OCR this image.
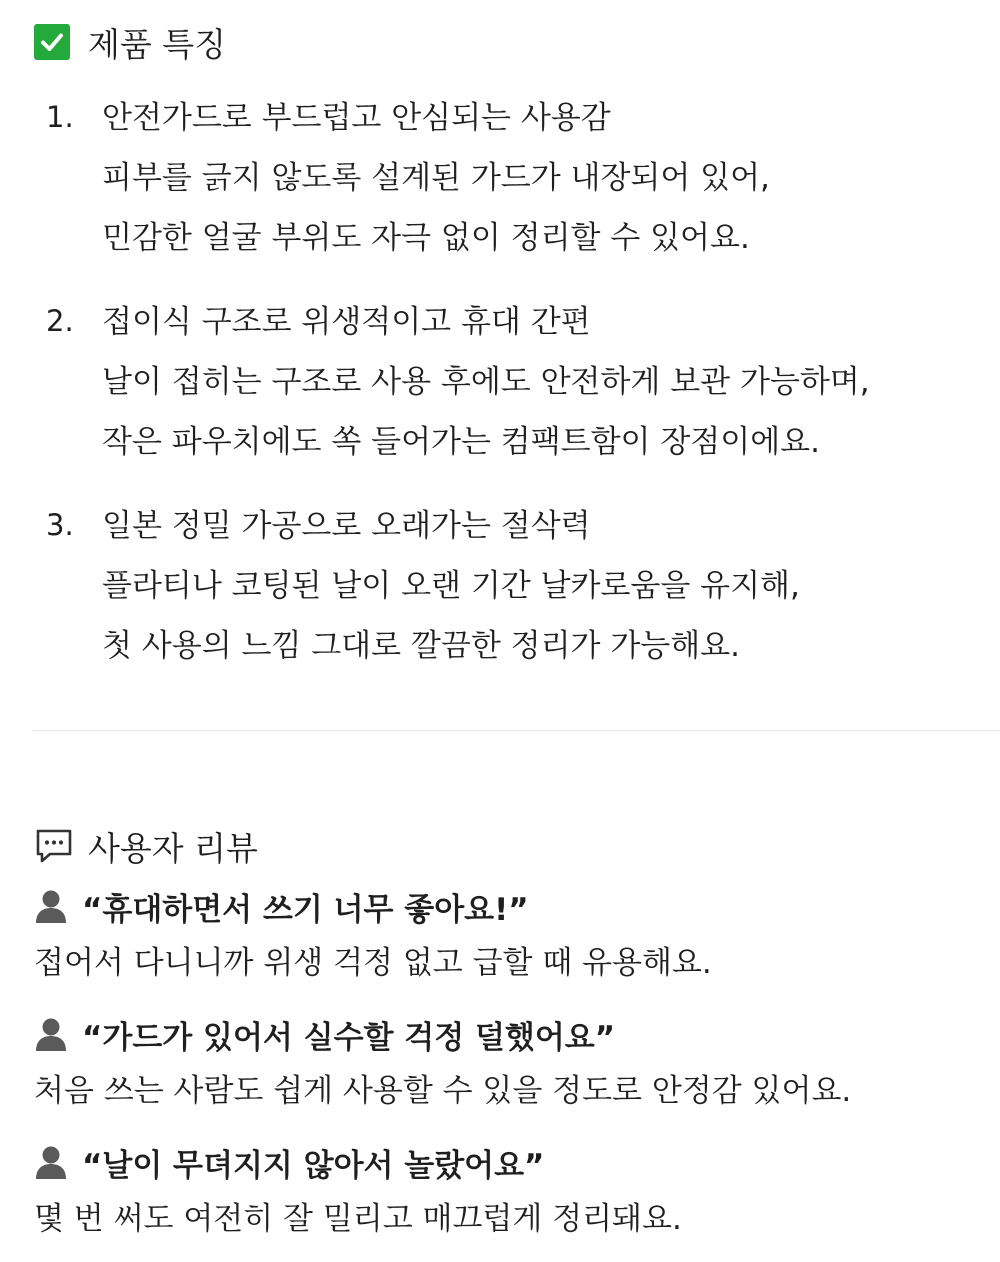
제품 특징
1. 안전가드로 부드럽고 안심되는 사용감
피부를 긁지 않도록 설계된 가드가 내장되어 있어,
민감한 얼굴 부위도 자극 없이 정리할 수 있어요.
2. 접이식 구조로 위생적이고 휴대 간편
날이 접히는 구조로 사용 후에도 안전하게 보관 가능하며,
작은 파우치에도 쏙 들어가는 컴팩트함이 장점이에요.
3. 일본 정밀 가공으로 오래가는 절삭력
플라티나 코팅된 날이 오랜 기간 날카로움을 유지해,
첫 사용의 느낌 그대로 깔끔한 정리가 가능해요.
사용자 리뷰
“휴대하면서 쓰기 너무 좋아요!”
접어서 다니니까 위생 걱정 없고 급할 때 유용해요.
“가드가 있어서 실수할 걱정 덜했어요”
처음 쓰는 사람도 쉽게 사용할 수 있을 정도로 안정감 있어요.
“날이 무뎌지지 않아서 놀랐어요”
몇 번 써도 여전히 잘 밀리고 매끄럽게 정리돼요.
